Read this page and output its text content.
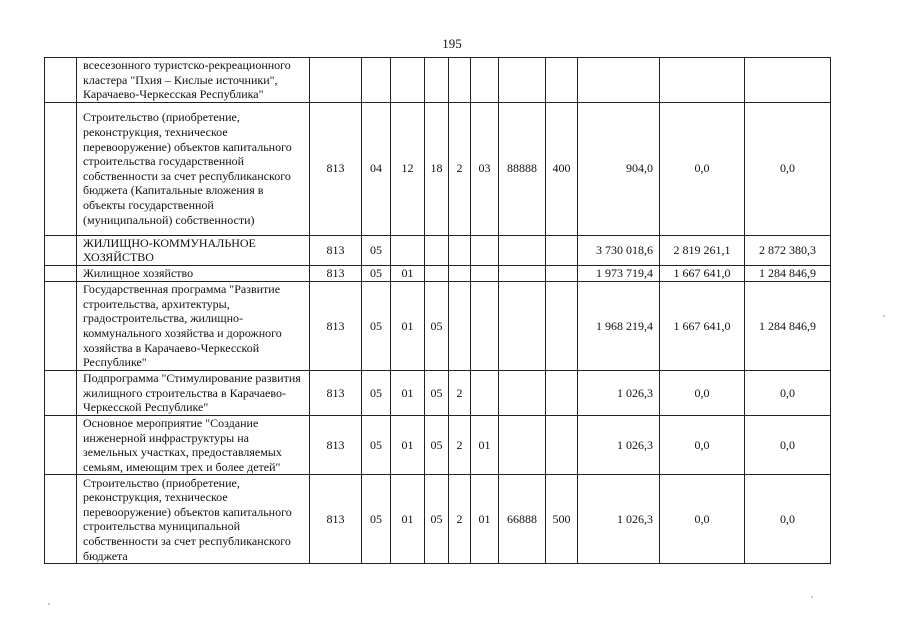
195
	всесезонного туристско-рекреационного кластера "Пхия – Кислые источники", Карачаево-Черкесская Республика"											
	Строительство (приобретение, реконструкция, техническое перевооружение) объектов капитального строительства государственной собственности за счет республиканского бюджета (Капитальные вложения в объекты государственной (муниципальной) собственности)	813	04	12	18	2	03	88888	400	904,0	0,0	0,0
	ЖИЛИЩНО-КОММУНАЛЬНОЕ ХОЗЯЙСТВО	813	05							3 730 018,6	2 819 261,1	2 872 380,3
	Жилищное хозяйство	813	05	01						1 973 719,4	1 667 641,0	1 284 846,9
	Государственная программа "Развитие строительства, архитектуры, градостроительства, жилищно-коммунального хозяйства и дорожного хозяйства в Карачаево-Черкесской Республике"	813	05	01	05					1 968 219,4	1 667 641,0	1 284 846,9
	Подпрограмма "Стимулирование развития жилищного строительства в Карачаево-Черкесской Республике"	813	05	01	05	2				1 026,3	0,0	0,0
	Основное мероприятие "Создание инженерной инфраструктуры на земельных участках, предоставляемых семьям, имеющим трех и более детей"	813	05	01	05	2	01			1 026,3	0,0	0,0
	Строительство (приобретение, реконструкция, техническое перевооружение) объектов капитального строительства муниципальной собственности за счет республиканского бюджета	813	05	01	05	2	01	66888	500	1 026,3	0,0	0,0
